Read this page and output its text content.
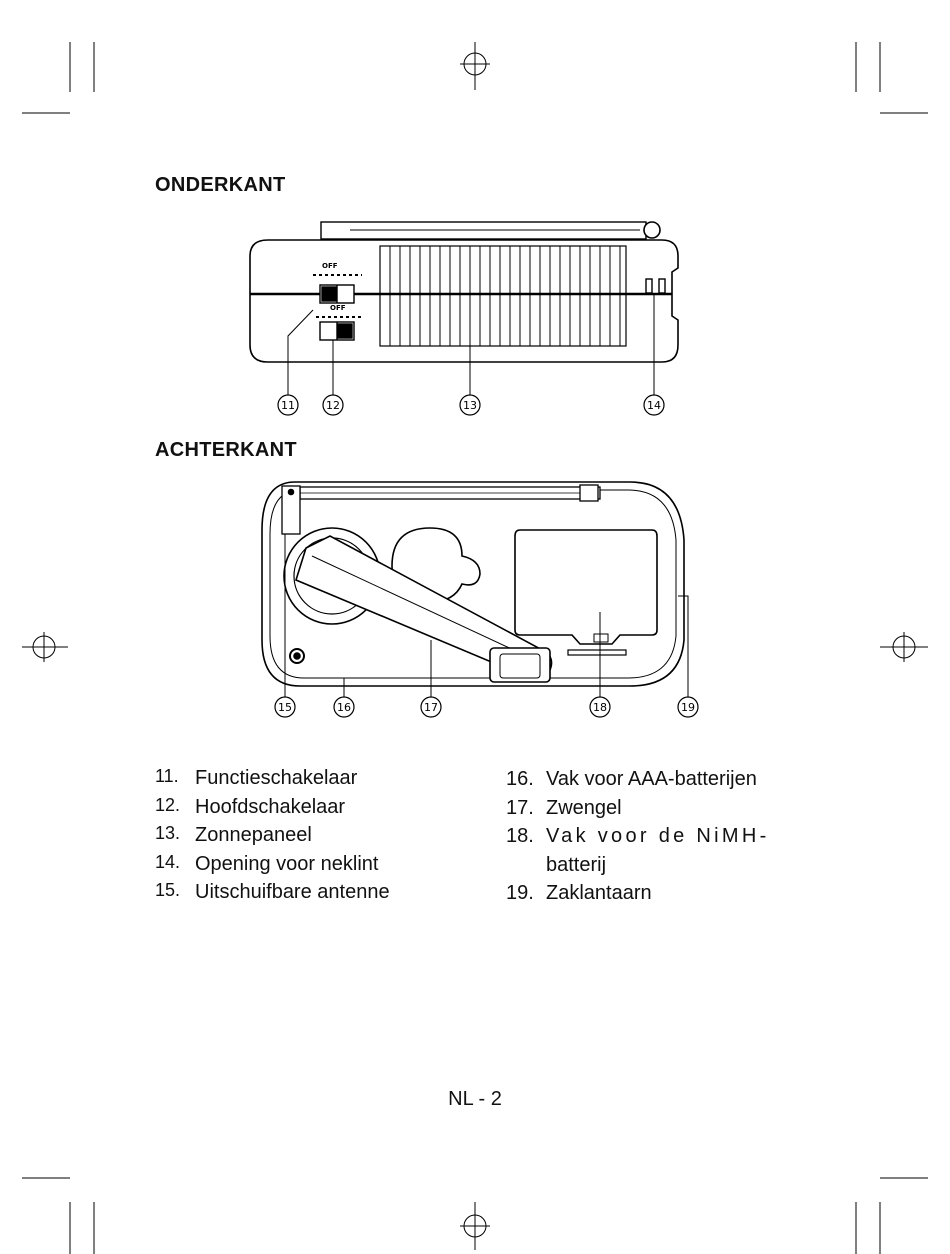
ONDERKANT
OFF
OFF
11	12	13	14
ACHTERKANT
15	16	17	18	19
11. Functieschakelaar
12. Hoofdschakelaar
13. Zonnepaneel
14. Opening voor neklint
15. Uitschuifbare antenne
16. Vak voor AAA-batterijen
17. Zwengel
18. Vak voor de NiMH-
batterij
19. Zaklantaarn
NL - 2
